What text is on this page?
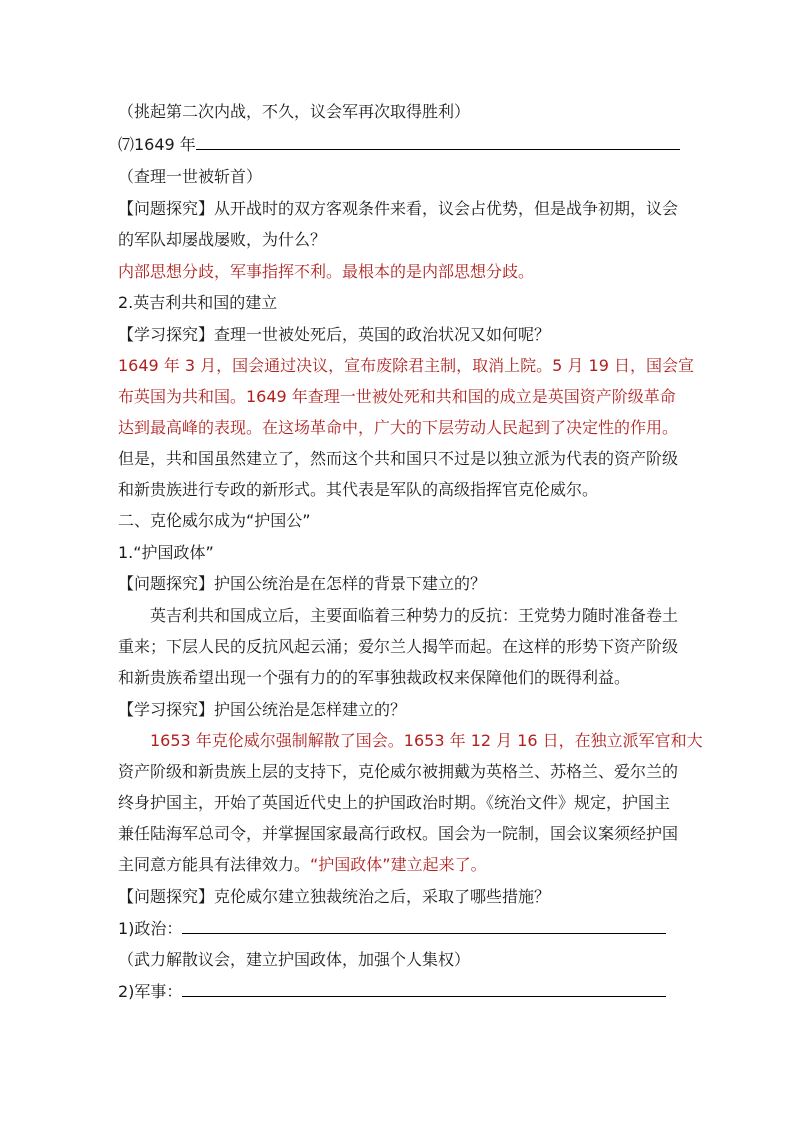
（挑起第二次内战，不久，议会军再次取得胜利）
⑺1649 年
（查理一世被斩首）
【问题探究】从开战时的双方客观条件来看，议会占优势，但是战争初期，议会
的军队却屡战屡败，为什么？
内部思想分歧，军事指挥不利。最根本的是内部思想分歧。
2.英吉利共和国的建立
【学习探究】查理一世被处死后，英国的政治状况又如何呢？
1649 年 3 月，国会通过决议，宣布废除君主制，取消上院。5 月 19 日，国会宣
布英国为共和国。1649 年查理一世被处死和共和国的成立是英国资产阶级革命
达到最高峰的表现。在这场革命中，广大的下层劳动人民起到了决定性的作用。
但是，共和国虽然建立了，然而这个共和国只不过是以独立派为代表的资产阶级
和新贵族进行专政的新形式。其代表是军队的高级指挥官克伦威尔。
二、克伦威尔成为“护国公”
1.“护国政体”
【问题探究】护国公统治是在怎样的背景下建立的？
英吉利共和国成立后，主要面临着三种势力的反抗：王党势力随时准备卷土
重来；下层人民的反抗风起云涌；爱尔兰人揭竿而起。在这样的形势下资产阶级
和新贵族希望出现一个强有力的的军事独裁政权来保障他们的既得利益。
【学习探究】护国公统治是怎样建立的？
1653 年克伦威尔强制解散了国会。1653 年 12 月 16 日，在独立派军官和大
资产阶级和新贵族上层的支持下，克伦威尔被拥戴为英格兰、苏格兰、爱尔兰的
终身护国主，开始了英国近代史上的护国政治时期。《统治文件》规定，护国主
兼任陆海军总司令，并掌握国家最高行政权。国会为一院制，国会议案须经护国
主同意方能具有法律效力。“护国政体”建立起来了。
【问题探究】克伦威尔建立独裁统治之后，采取了哪些措施？
1)政治：
（武力解散议会，建立护国政体，加强个人集权）
2)军事：
